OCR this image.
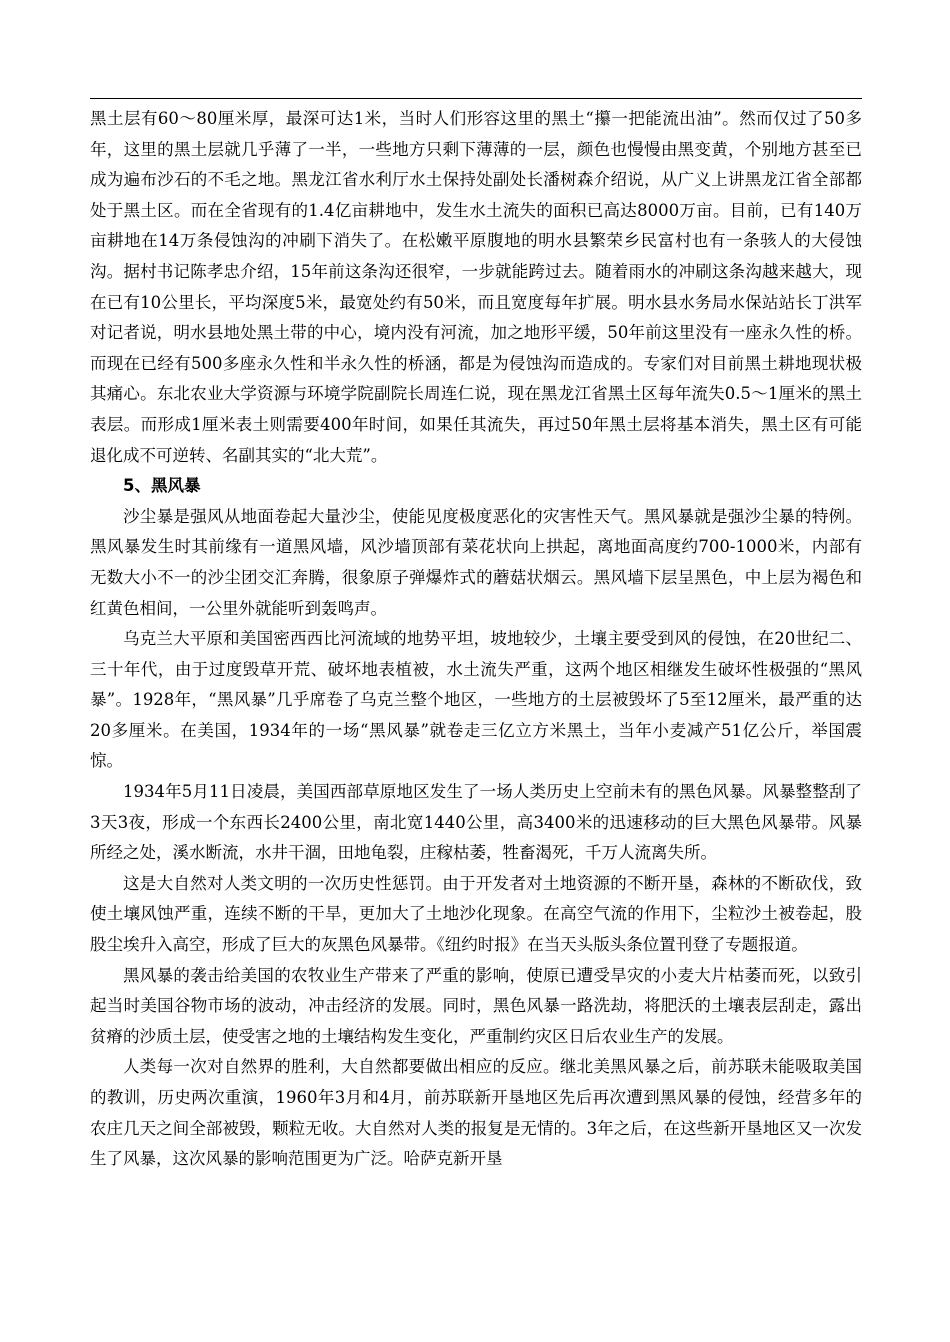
黑土层有60～80厘米厚，最深可达1米，当时人们形容这里的黑土“攥一把能流出油”。然而仅过了50多年，这里的黑土层就几乎薄了一半，一些地方只剩下薄薄的一层，颜色也慢慢由黑变黄，个别地方甚至已成为遍布沙石的不毛之地。黑龙江省水利厅水土保持处副处长潘树森介绍说，从广义上讲黑龙江省全部都处于黑土区。而在全省现有的1.4亿亩耕地中，发生水土流失的面积已高达8000万亩。目前，已有140万亩耕地在14万条侵蚀沟的冲刷下消失了。在松嫩平原腹地的明水县繁荣乡民富村也有一条骇人的大侵蚀沟。据村书记陈孝忠介绍，15年前这条沟还很窄，一步就能跨过去。随着雨水的冲刷这条沟越来越大，现在已有10公里长，平均深度5米，最宽处约有50米，而且宽度每年扩展。明水县水务局水保站站长丁洪军对记者说，明水县地处黑土带的中心，境内没有河流，加之地形平缓，50年前这里没有一座永久性的桥。而现在已经有500多座永久性和半永久性的桥涵，都是为侵蚀沟而造成的。专家们对目前黑土耕地现状极其痛心。东北农业大学资源与环境学院副院长周连仁说，现在黑龙江省黑土区每年流失0.5～1厘米的黑土表层。而形成1厘米表土则需要400年时间，如果任其流失，再过50年黑土层将基本消失，黑土区有可能退化成不可逆转、名副其实的“北大荒”。

5、黑风暴

沙尘暴是强风从地面卷起大量沙尘，使能见度极度恶化的灾害性天气。黑风暴就是强沙尘暴的特例。黑风暴发生时其前缘有一道黑风墙，风沙墙顶部有菜花状向上拱起，离地面高度约700-1000米，内部有无数大小不一的沙尘团交汇奔腾，很象原子弹爆炸式的蘑菇状烟云。黑风墙下层呈黑色，中上层为褐色和红黄色相间，一公里外就能听到轰鸣声。

乌克兰大平原和美国密西西比河流域的地势平坦，坡地较少，土壤主要受到风的侵蚀，在20世纪二、三十年代，由于过度毁草开荒、破坏地表植被，水土流失严重，这两个地区相继发生破坏性极强的“黑风暴”。1928年，“黑风暴”几乎席卷了乌克兰整个地区，一些地方的土层被毁坏了5至12厘米，最严重的达20多厘米。在美国，1934年的一场“黑风暴”就卷走三亿立方米黑土，当年小麦减产51亿公斤，举国震惊。

1934年5月11日凌晨，美国西部草原地区发生了一场人类历史上空前未有的黑色风暴。风暴整整刮了3天3夜，形成一个东西长2400公里，南北宽1440公里，高3400米的迅速移动的巨大黑色风暴带。风暴所经之处，溪水断流，水井干涸，田地龟裂，庄稼枯萎，牲畜渴死，千万人流离失所。

这是大自然对人类文明的一次历史性惩罚。由于开发者对土地资源的不断开垦，森林的不断砍伐，致使土壤风蚀严重，连续不断的干旱，更加大了土地沙化现象。在高空气流的作用下，尘粒沙土被卷起，股股尘埃升入高空，形成了巨大的灰黑色风暴带。《纽约时报》在当天头版头条位置刊登了专题报道。

黑风暴的袭击给美国的农牧业生产带来了严重的影响，使原已遭受旱灾的小麦大片枯萎而死，以致引起当时美国谷物市场的波动，冲击经济的发展。同时，黑色风暴一路洗劫，将肥沃的土壤表层刮走，露出贫瘠的沙质土层，使受害之地的土壤结构发生变化，严重制约灾区日后农业生产的发展。

人类每一次对自然界的胜利，大自然都要做出相应的反应。继北美黑风暴之后，前苏联未能吸取美国的教训，历史两次重演，1960年3月和4月，前苏联新开垦地区先后再次遭到黑风暴的侵蚀，经营多年的农庄几天之间全部被毁，颗粒无收。大自然对人类的报复是无情的。3年之后，在这些新开垦地区又一次发生了风暴，这次风暴的影响范围更为广泛。哈萨克新开垦
